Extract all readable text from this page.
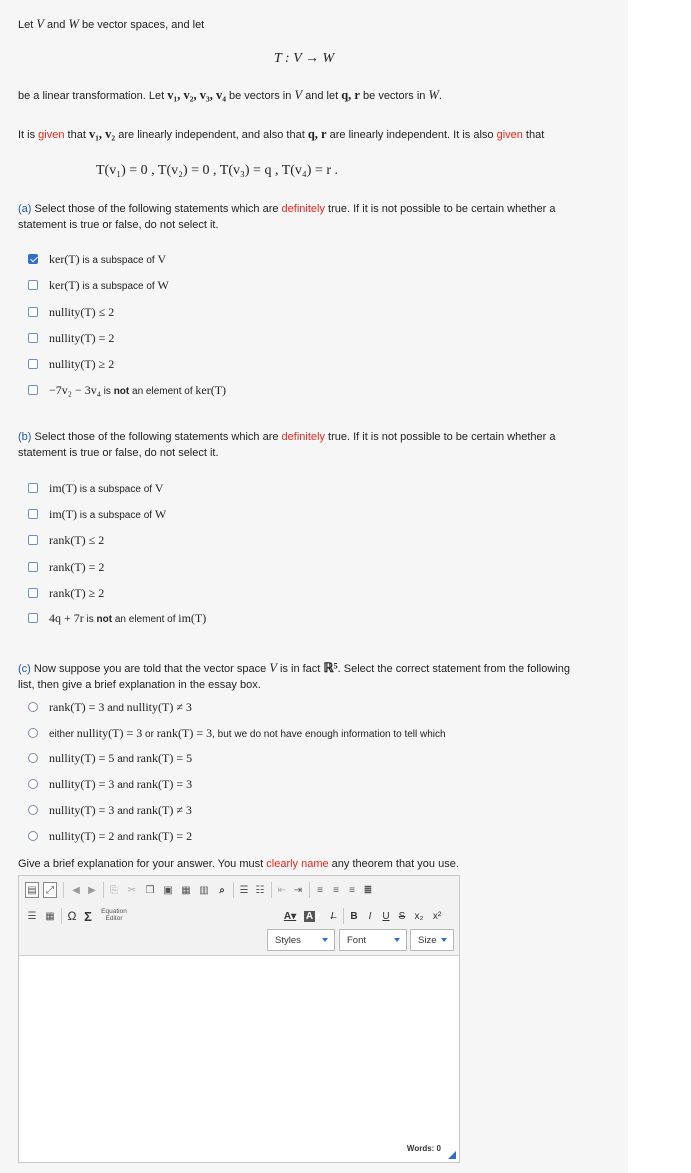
Let V and W be vector spaces, and let
T : V → W
be a linear transformation. Let v₁, v₂, v₃, v₄ be vectors in V and let q, r be vectors in W.
It is given that v₁, v₂ are linearly independent, and also that q, r are linearly independent. It is also given that
T(v₁) = 0 , T(v₂) = 0 , T(v₃) = q , T(v₄) = r .
(a) Select those of the following statements which are definitely true. If it is not possible to be certain whether a
statement is true or false, do not select it.
ker(T) is a subspace of V
ker(T) is a subspace of W
nullity(T) ≤ 2
nullity(T) = 2
nullity(T) ≥ 2
−7v₂ − 3v₄ is not an element of ker(T)
(b) Select those of the following statements which are definitely true. If it is not possible to be certain whether a
statement is true or false, do not select it.
im(T) is a subspace of V
im(T) is a subspace of W
rank(T) ≤ 2
rank(T) = 2
rank(T) ≥ 2
4q + 7r is not an element of im(T)
(c) Now suppose you are told that the vector space V is in fact ℝ⁵. Select the correct statement from the following
list, then give a brief explanation in the essay box.
rank(T) = 3 and nullity(T) ≠ 3
either nullity(T) = 3 or rank(T) = 3, but we do not have enough information to tell which
nullity(T) = 5 and rank(T) = 5
nullity(T) = 3 and rank(T) = 3
nullity(T) = 3 and rank(T) ≠ 3
nullity(T) = 2 and rank(T) = 2
Give a brief explanation for your answer. You must clearly name any theorem that you use.
▤ ⤢	◀ ▶	⎘ ✂ ❐ ▣ ▦ ▥	⌕	☰ ☷ ⇤ ⇥	≡	≡	≡ ≣
☰ ▦ Ω Σ	Equation
Editor	A▾ A ▾	I̶	B	I	U S x₂ x²
Styles	Font	Size
Words: 0
